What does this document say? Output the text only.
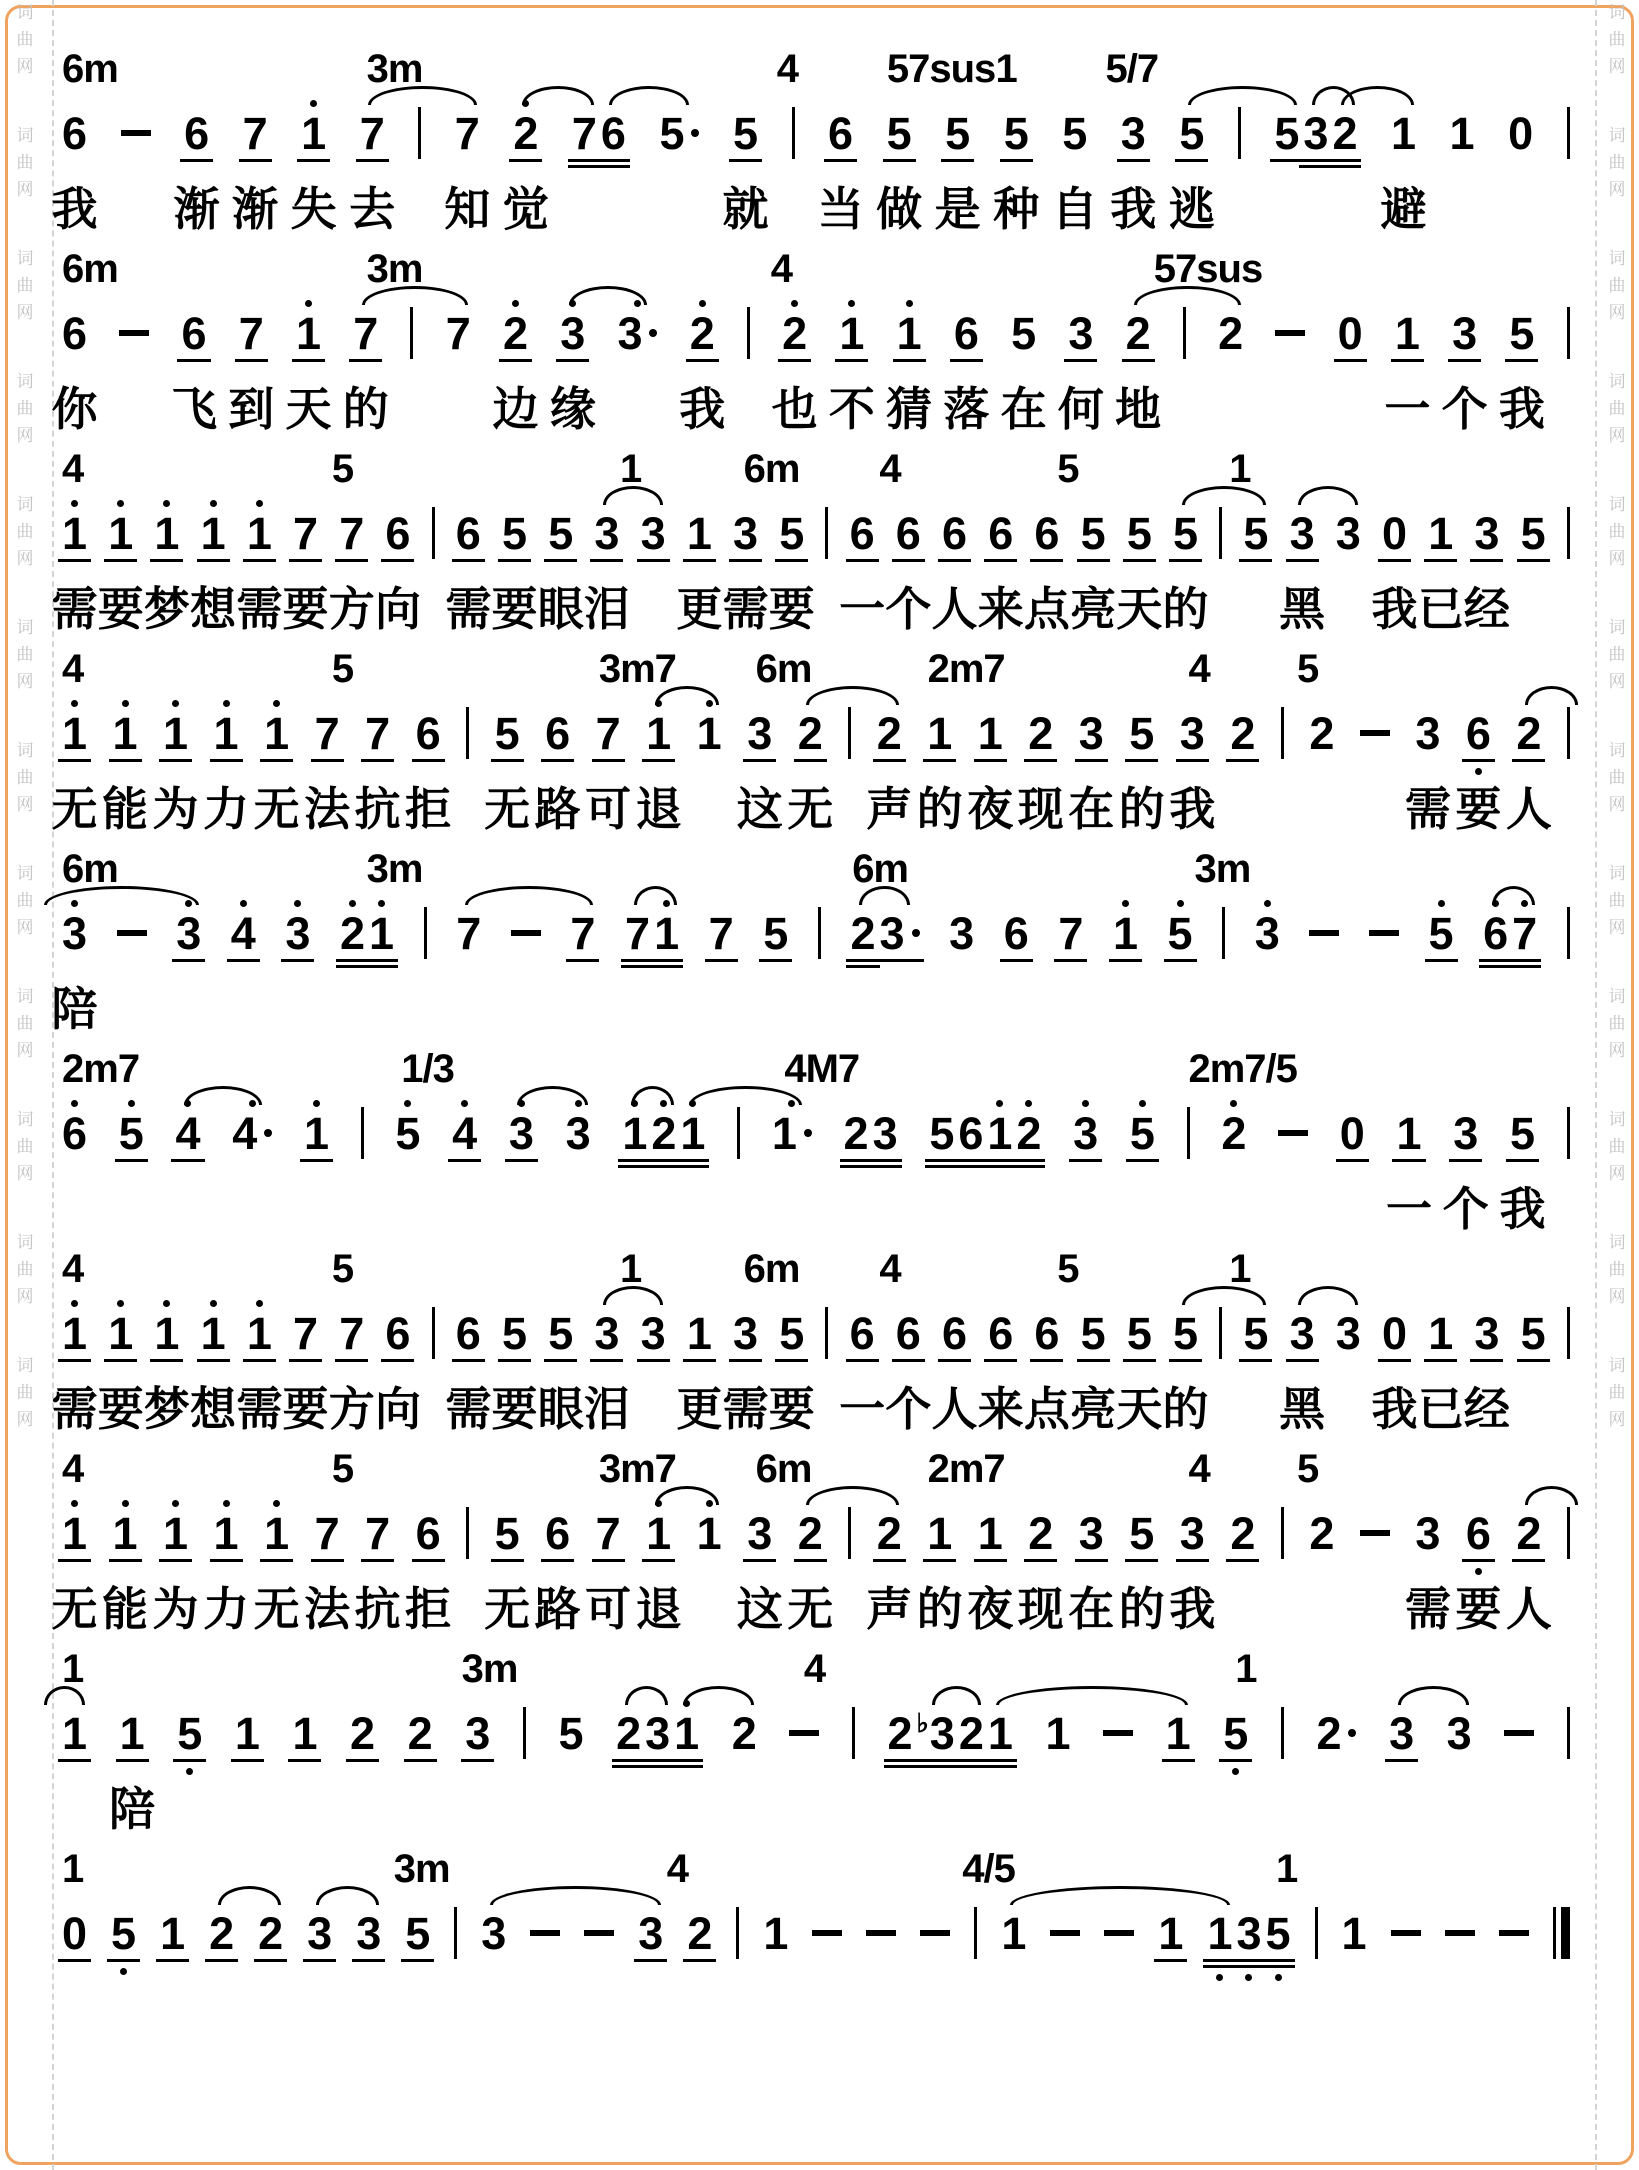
词
曲
网
词
曲
网
词
曲
网
词
曲
网
词
曲
网
词
曲
网
词
曲
网
词
曲
网
词
曲
网
词
曲
网
词
曲
网
词
曲
网
词
曲
网
词
曲
网
词
曲
网
词
曲
网
词
曲
网
词
曲
网
词
曲
网
词
曲
网
词
曲
网
词
曲
网
词
曲
网
词
曲
网
6m	3m	4 57sus 1 5/7
6 6 7 1 7 7 2 7 6 5 5 6 5 5 5 5 3 5 5 3 2 1 1 0
我 渐 渐 失 去 知 觉	就 当 做 是 种 自 我 逃	避
6m	3m	4	57sus
6 6 7 1 7 7 2 3 3 2 2 1 1 6 5 3 2 2 0 1 3 5
你 飞 到 天 的 边 缘 我 也 不 猜 落 在 何 地	一 个 我
4	5	1	6m 4	5	1
1 1 1 1 1 7 7 6 6 5 5 3 3 1 3 5 6 6 6 6 6 5 5 5 5 3 3 0 1 3 5
需 要 梦 想 需 要 方 向 需 要 眼 泪 更 需 要 一 个 人 来 点 亮 天 的 黑 我 已 经
4	5	3m7 6m	2m7	4 5
1 1 1 1 1 7 7 6 5 6 7 1 1 3 2 2 1 1 2 3 5 3 2 2 3 6 2
无 能 为 力 无 法 抗 拒 无 路 可 退 这 无 声 的 夜 现 在 的 我	需 要 人
6m	3m	6m	3m
3 3 4 3 2 1 7 7 7 1 7 5 2 3 3 6 7 1 5 3	5 6 7
陪
2m7	1/3	4M7	2m7/5
6 5 4 4 1 5 4 3 3 1 2 1 1 2 3 5 6 1 2 3 5 2 0 1 3 5
一 个 我
4	5	1	6m 4	5	1
1 1 1 1 1 7 7 6 6 5 5 3 3 1 3 5 6 6 6 6 6 5 5 5 5 3 3 0 1 3 5
需 要 梦 想 需 要 方 向 需 要 眼 泪 更 需 要 一 个 人 来 点 亮 天 的 黑 我 已 经
4	5	3m7 6m	2m7	4 5
1 1 1 1 1 7 7 6 5 6 7 1 1 3 2 2 1 1 2 3 5 3 2 2 3 6 2
无 能 为 力 无 法 抗 拒 无 路 可 退 这 无 声 的 夜 现 在 的 我	需 要 人
1	3m	4	1
1 1 5 1 1 2 2 3 5 2 3 1 2	2 ♭ 3 2 1 1 1 5 2 3 3
陪
1	3m	4	4/5	1
0 5 1 2 2 3 3 5 3	3 2 1	1	1 1 3 5 1
